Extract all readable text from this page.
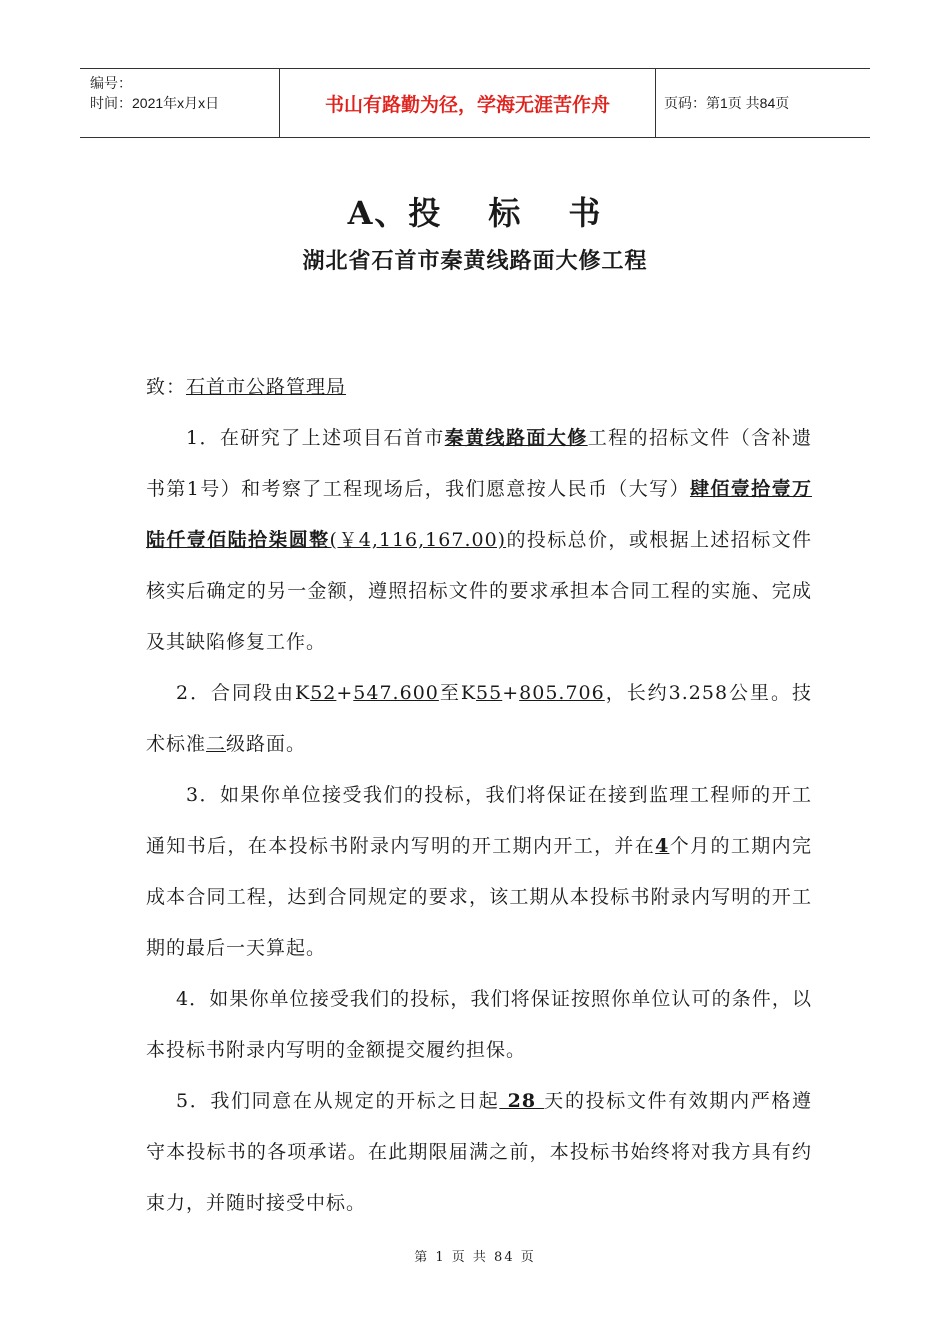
编号：
时间：2021年x月x日	书山有路勤为径，学海无涯苦作舟	页码：第1页 共84页
A、投 标 书
湖北省石首市秦黄线路面大修工程

致：石首市公路管理局

1．在研究了上述项目石首市秦黄线路面大修工程的招标文件（含补遗书第1号）和考察了工程现场后，我们愿意按人民币（大写）肆佰壹拾壹万陆仟壹佰陆拾柒圆整(￥4,116,167.00)的投标总价，或根据上述招标文件核实后确定的另一金额，遵照招标文件的要求承担本合同工程的实施、完成及其缺陷修复工作。

2．合同段由K52+547.600至K55+805.706，长约3.258公里。技术标准二级路面。

3．如果你单位接受我们的投标，我们将保证在接到监理工程师的开工通知书后，在本投标书附录内写明的开工期内开工，并在4个月的工期内完成本合同工程，达到合同规定的要求，该工期从本投标书附录内写明的开工期的最后一天算起。

4．如果你单位接受我们的投标，我们将保证按照你单位认可的条件，以本投标书附录内写明的金额提交履约担保。

5．我们同意在从规定的开标之日起 28 天的投标文件有效期内严格遵守本投标书的各项承诺。在此期限届满之前，本投标书始终将对我方具有约束力，并随时接受中标。

第 1 页 共 84 页
